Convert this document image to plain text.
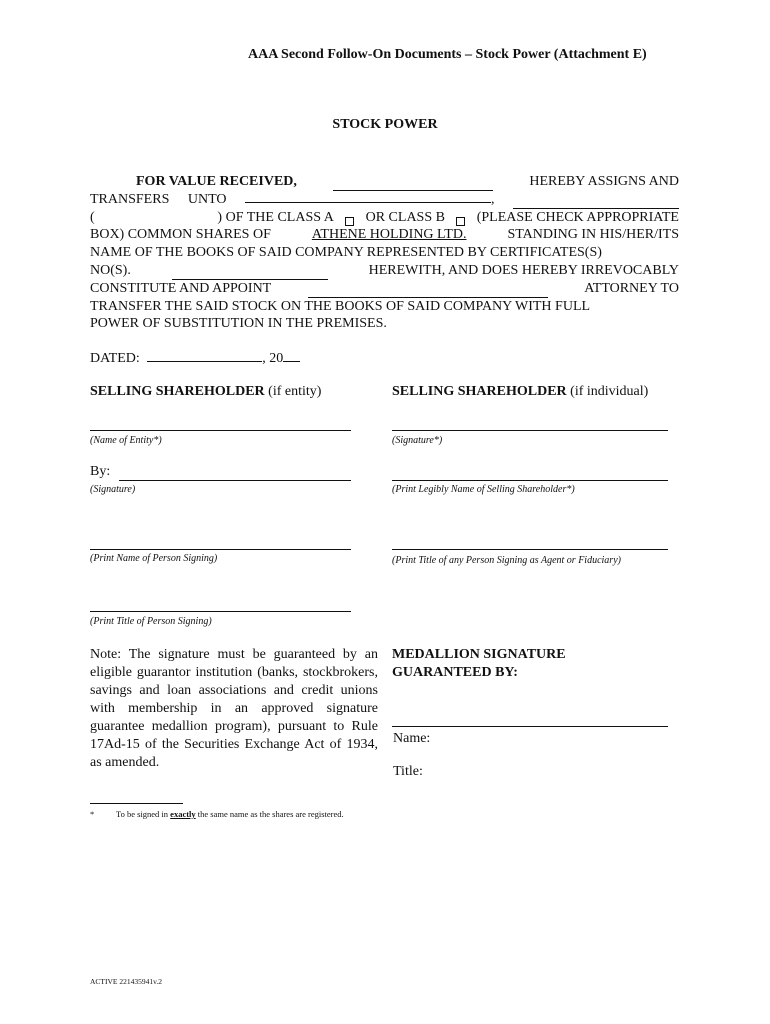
AAA Second Follow-On Documents – Stock Power (Attachment E)
STOCK POWER
FOR VALUE RECEIVED,	HEREBY ASSIGNS AND
TRANSFERS UNTO	,
(	) OF THE CLASS A OR CLASS B (PLEASE CHECK APPROPRIATE
BOX) COMMON SHARES OF	ATHENE HOLDING LTD.	STANDING IN HIS/HER/ITS
NAME OF THE BOOKS OF SAID COMPANY REPRESENTED BY CERTIFICATES(S)
NO(S).	HEREWITH, AND DOES HEREBY IRREVOCABLY
CONSTITUTE AND APPOINT	ATTORNEY TO
TRANSFER THE SAID STOCK ON THE BOOKS OF SAID COMPANY WITH FULL
POWER OF SUBSTITUTION IN THE PREMISES.
DATED:	, 20
SELLING SHAREHOLDER (if entity)
(Name of Entity*)
By:
(Signature)
(Print Name of Person Signing)
(Print Title of Person Signing)
SELLING SHAREHOLDER (if individual)
(Signature*)
(Print Legibly Name of Selling Shareholder*)
(Print Title of any Person Signing as Agent or Fiduciary)
Note: The signature must be guaranteed by an eligible guarantor institution (banks, stockbrokers, savings and loan associations and credit unions with membership in an approved signature guarantee medallion program), pursuant to Rule 17Ad-15 of the Securities Exchange Act of 1934, as amended.
MEDALLION SIGNATURE
GUARANTEED BY:
Name:
Title:
*	To be signed in exactly the same name as the shares are registered.
ACTIVE 221435941v.2
